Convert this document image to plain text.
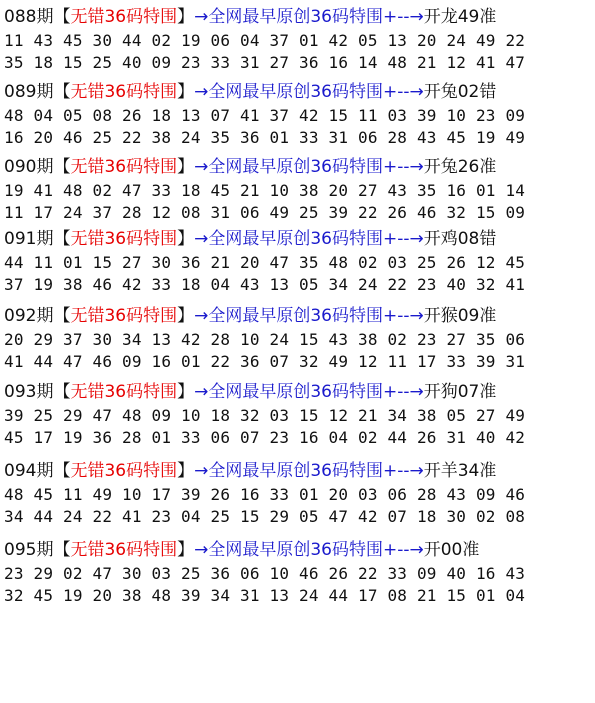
088期【无错36码特围】→全网最早原创36码特围+--→开龙49准
11 43 45 30 44 02 19 06 04 37 01 42 05 13 20 24 49 22
35 18 15 25 40 09 23 33 31 27 36 16 14 48 21 12 41 47
089期【无错36码特围】→全网最早原创36码特围+--→开兔02错
48 04 05 08 26 18 13 07 41 37 42 15 11 03 39 10 23 09
16 20 46 25 22 38 24 35 36 01 33 31 06 28 43 45 19 49
090期【无错36码特围】→全网最早原创36码特围+--→开兔26准
19 41 48 02 47 33 18 45 21 10 38 20 27 43 35 16 01 14
11 17 24 37 28 12 08 31 06 49 25 39 22 26 46 32 15 09
091期【无错36码特围】→全网最早原创36码特围+--→开鸡08错
44 11 01 15 27 30 36 21 20 47 35 48 02 03 25 26 12 45
37 19 38 46 42 33 18 04 43 13 05 34 24 22 23 40 32 41
092期【无错36码特围】→全网最早原创36码特围+--→开猴09准
20 29 37 30 34 13 42 28 10 24 15 43 38 02 23 27 35 06
41 44 47 46 09 16 01 22 36 07 32 49 12 11 17 33 39 31
093期【无错36码特围】→全网最早原创36码特围+--→开狗07准
39 25 29 47 48 09 10 18 32 03 15 12 21 34 38 05 27 49
45 17 19 36 28 01 33 06 07 23 16 04 02 44 26 31 40 42
094期【无错36码特围】→全网最早原创36码特围+--→开羊34准
48 45 11 49 10 17 39 26 16 33 01 20 03 06 28 43 09 46
34 44 24 22 41 23 04 25 15 29 05 47 42 07 18 30 02 08
095期【无错36码特围】→全网最早原创36码特围+--→开00准
23 29 02 47 30 03 25 36 06 10 46 26 22 33 09 40 16 43
32 45 19 20 38 48 39 34 31 13 24 44 17 08 21 15 01 04
